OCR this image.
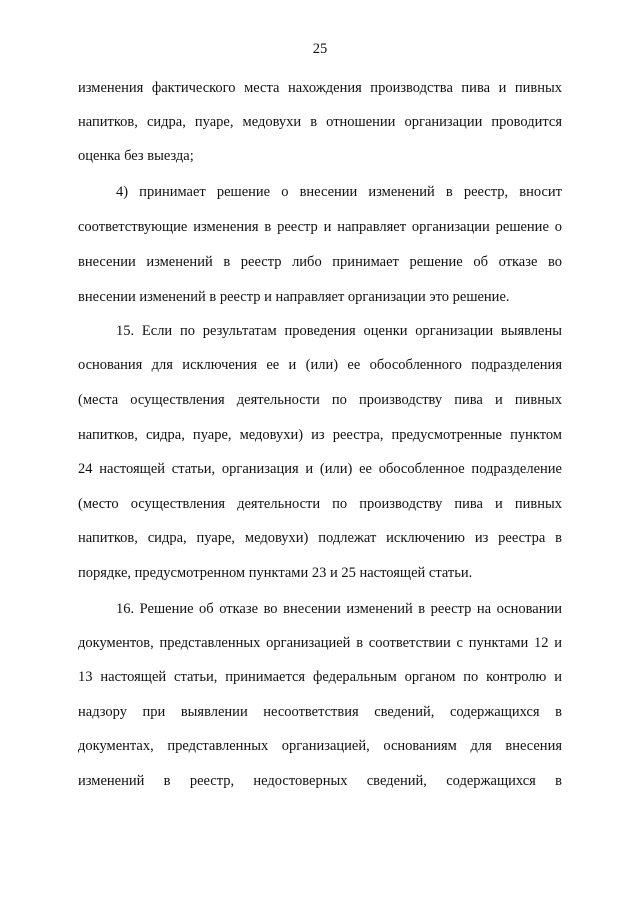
25
изменения фактического места нахождения производства пива и пивных
напитков, сидра, пуаре, медовухи в отношении организации проводится
оценка без выезда;
4) принимает решение о внесении изменений в реестр, вносит
соответствующие изменения в реестр и направляет организации решение о
внесении изменений в реестр либо принимает решение об отказе во
внесении изменений в реестр и направляет организации это решение.
15. Если по результатам проведения оценки организации выявлены
основания для исключения ее и (или) ее обособленного подразделения
(места осуществления деятельности по производству пива и пивных
напитков, сидра, пуаре, медовухи) из реестра, предусмотренные пунктом
24 настоящей статьи, организация и (или) ее обособленное подразделение
(место осуществления деятельности по производству пива и пивных
напитков, сидра, пуаре, медовухи) подлежат исключению из реестра в
порядке, предусмотренном пунктами 23 и 25 настоящей статьи.
16. Решение об отказе во внесении изменений в реестр на основании
документов, представленных организацией в соответствии с пунктами 12 и
13 настоящей статьи, принимается федеральным органом по контролю и
надзору при выявлении несоответствия сведений, содержащихся в
документах, представленных организацией, основаниям для внесения
изменений в реестр, недостоверных сведений, содержащихся в
